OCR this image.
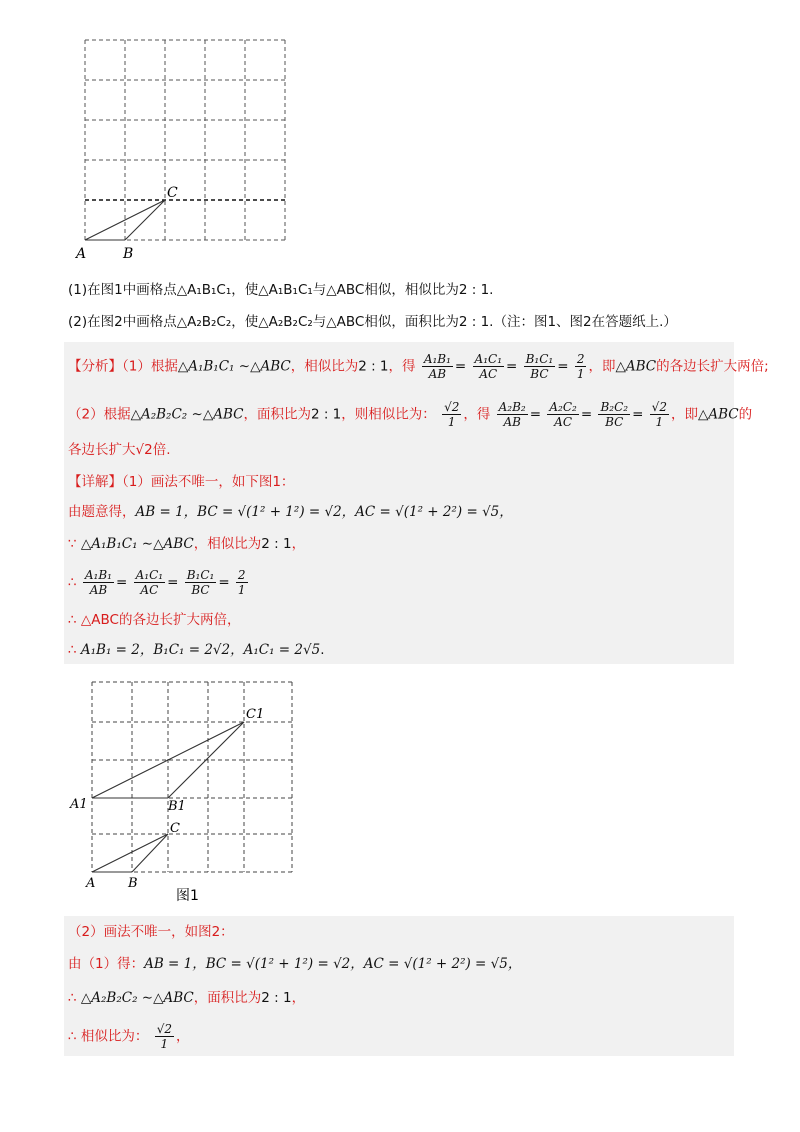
A	B
C
(1)在图1中画格点△A₁B₁C₁，使△A₁B₁C₁与△ABC相似，相似比为2 : 1.
(2)在图2中画格点△A₂B₂C₂，使△A₂B₂C₂与△ABC相似，面积比为2 : 1.（注：图1、图2在答题纸上.）
【分析】（1）根据△A₁B₁C₁ ∼△ABC，相似比为2 : 1，得 $\frac{\text{A₁B₁}}{AB} = \frac{\text{A₁C₁}}{AC} = \frac{\text{B₁C₁}}{BC} = \frac{2}{1}$ ，即△ABC的各边长扩大两倍;
（2）根据△A₂B₂C₂ ∼△ABC，面积比为2 : 1，则相似比为： $\frac{√2}{1}$ ，得 $\frac{\text{A₂B₂}}{AB} = \frac{\text{A₂C₂}}{AC} = \frac{\text{B₂C₂}}{BC} = \frac{√2}{1}$ ，即△ABC的
各边长扩大√2倍.
【详解】（1）画法不唯一，如下图1：
由题意得，AB = 1，BC = √(1² + 1²) = √2，AC = √(1² + 2²) = √5，
∵ △A₁B₁C₁ ∼△ABC，相似比为2 : 1，
∴ $\frac{\text{A₁B₁}}{AB} = \frac{\text{A₁C₁}}{AC} = \frac{\text{B₁C₁}}{BC} = \frac{2}{1}$
∴ △ABC的各边长扩大两倍，
∴ A₁B₁ = 2，B₁C₁ = 2√2，A₁C₁ = 2√5.
A1	B1
C1
A	B
C
图1
（2）画法不唯一，如图2：
由（1）得：AB = 1，BC = √(1² + 1²) = √2，AC = √(1² + 2²) = √5，
∴ △A₂B₂C₂ ∼△ABC，面积比为2 : 1，
∴ 相似比为： $\frac{√2}{1}$ ，
